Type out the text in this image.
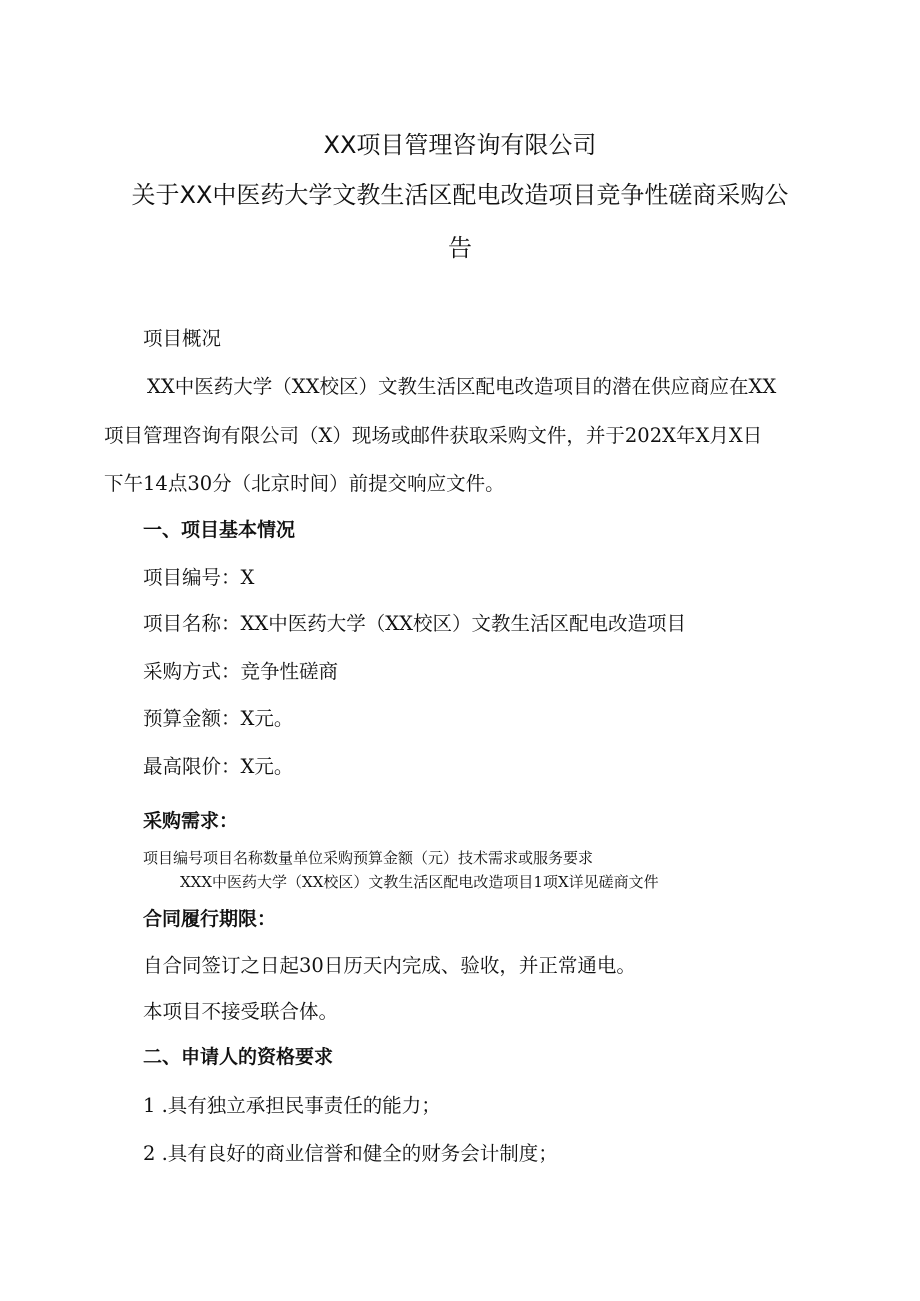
XX项目管理咨询有限公司
关于XX中医药大学文教生活区配电改造项目竞争性磋商采购公
告
项目概况
XX中医药大学（XX校区）文教生活区配电改造项目的潜在供应商应在XX
项目管理咨询有限公司（X）现场或邮件获取采购文件，并于202X年X月X日
下午14点30分（北京时间）前提交响应文件。
一、项目基本情况
项目编号：X
项目名称：XX中医药大学（XX校区）文教生活区配电改造项目
采购方式：竞争性磋商
预算金额：X元。
最高限价：X元。
采购需求：
项目编号项目名称数量单位采购预算金额（元）技术需求或服务要求
XXX中医药大学（XX校区）文教生活区配电改造项目1项X详见磋商文件
合同履行期限：
自合同签订之日起30日历天内完成、验收，并正常通电。
本项目不接受联合体。
二、申请人的资格要求
1 .具有独立承担民事责任的能力；
2 .具有良好的商业信誉和健全的财务会计制度；
